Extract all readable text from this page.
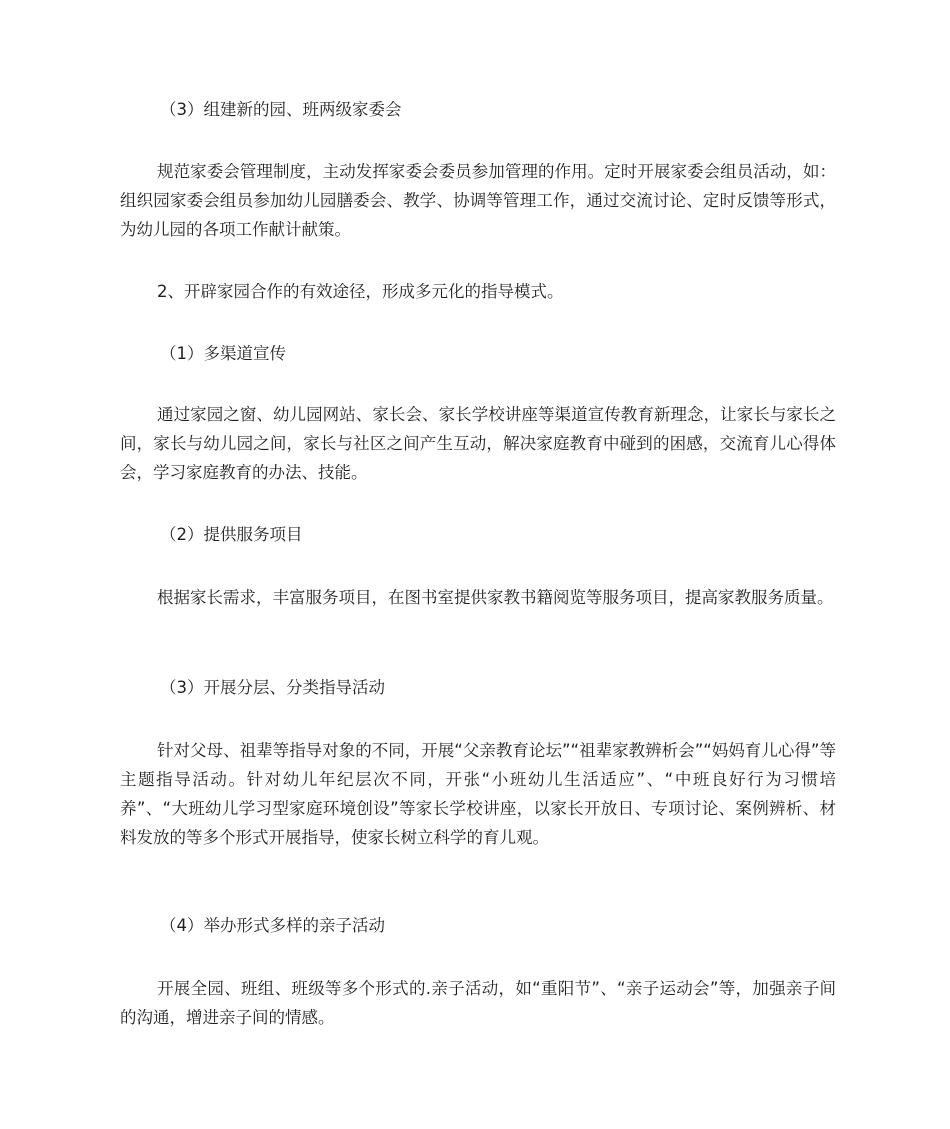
（3）组建新的园、班两级家委会

规范家委会管理制度，主动发挥家委会委员参加管理的作用。定时开展家委会组员活动，如：组织园家委会组员参加幼儿园膳委会、教学、协调等管理工作，通过交流讨论、定时反馈等形式，为幼儿园的各项工作献计献策。

2、开辟家园合作的有效途径，形成多元化的指导模式。

（1）多渠道宣传

通过家园之窗、幼儿园网站、家长会、家长学校讲座等渠道宣传教育新理念，让家长与家长之间，家长与幼儿园之间，家长与社区之间产生互动，解决家庭教育中碰到的困感，交流育儿心得体会，学习家庭教育的办法、技能。

（2）提供服务项目

根据家长需求，丰富服务项目，在图书室提供家教书籍阅览等服务项目，提高家教服务质量。

（3）开展分层、分类指导活动

针对父母、祖辈等指导对象的不同，开展“父亲教育论坛”“祖辈家教辨析会”“妈妈育儿心得”等主题指导活动。针对幼儿年纪层次不同，开张“小班幼儿生活适应”、“中班良好行为习惯培养”、“大班幼儿学习型家庭环境创设”等家长学校讲座，以家长开放日、专项讨论、案例辨析、材料发放的等多个形式开展指导，使家长树立科学的育儿观。

（4）举办形式多样的亲子活动

开展全园、班组、班级等多个形式的.亲子活动，如“重阳节”、“亲子运动会”等，加强亲子间的沟通，增进亲子间的情感。
